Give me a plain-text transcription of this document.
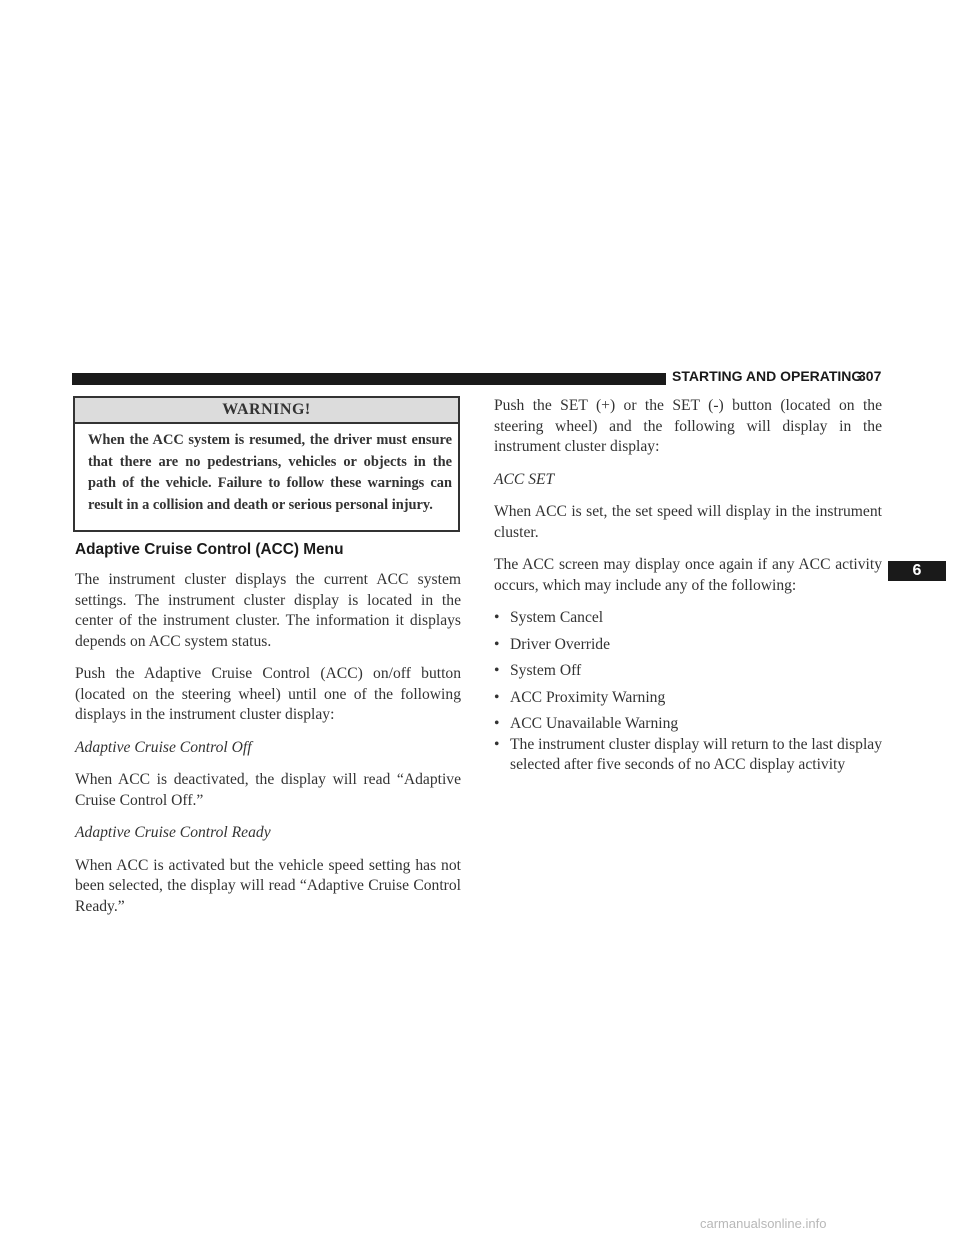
STARTING AND OPERATING
307
WARNING!
When the ACC system is resumed, the driver must ensure that there are no pedestrians, vehicles or objects in the path of the vehicle. Failure to follow these warnings can result in a collision and death or serious personal injury.
Adaptive Cruise Control (ACC) Menu

The instrument cluster displays the current ACC system settings. The instrument cluster display is located in the center of the instrument cluster. The information it displays depends on ACC system status.

Push the Adaptive Cruise Control (ACC) on/off button (located on the steering wheel) until one of the following displays in the instrument cluster display:

Adaptive Cruise Control Off

When ACC is deactivated, the display will read “Adaptive Cruise Control Off.”

Adaptive Cruise Control Ready

When ACC is activated but the vehicle speed setting has not been selected, the display will read “Adaptive Cruise Control Ready.”

Push the SET (+) or the SET (-) button (located on the steering wheel) and the following will display in the instrument cluster display:

ACC SET

When ACC is set, the set speed will display in the instrument cluster.

The ACC screen may display once again if any ACC activity occurs, which may include any of the following:

• System Cancel
• Driver Override
• System Off
• ACC Proximity Warning
• ACC Unavailable Warning
• The instrument cluster display will return to the last display selected after five seconds of no ACC display activity
6
carmanualsonline.info
